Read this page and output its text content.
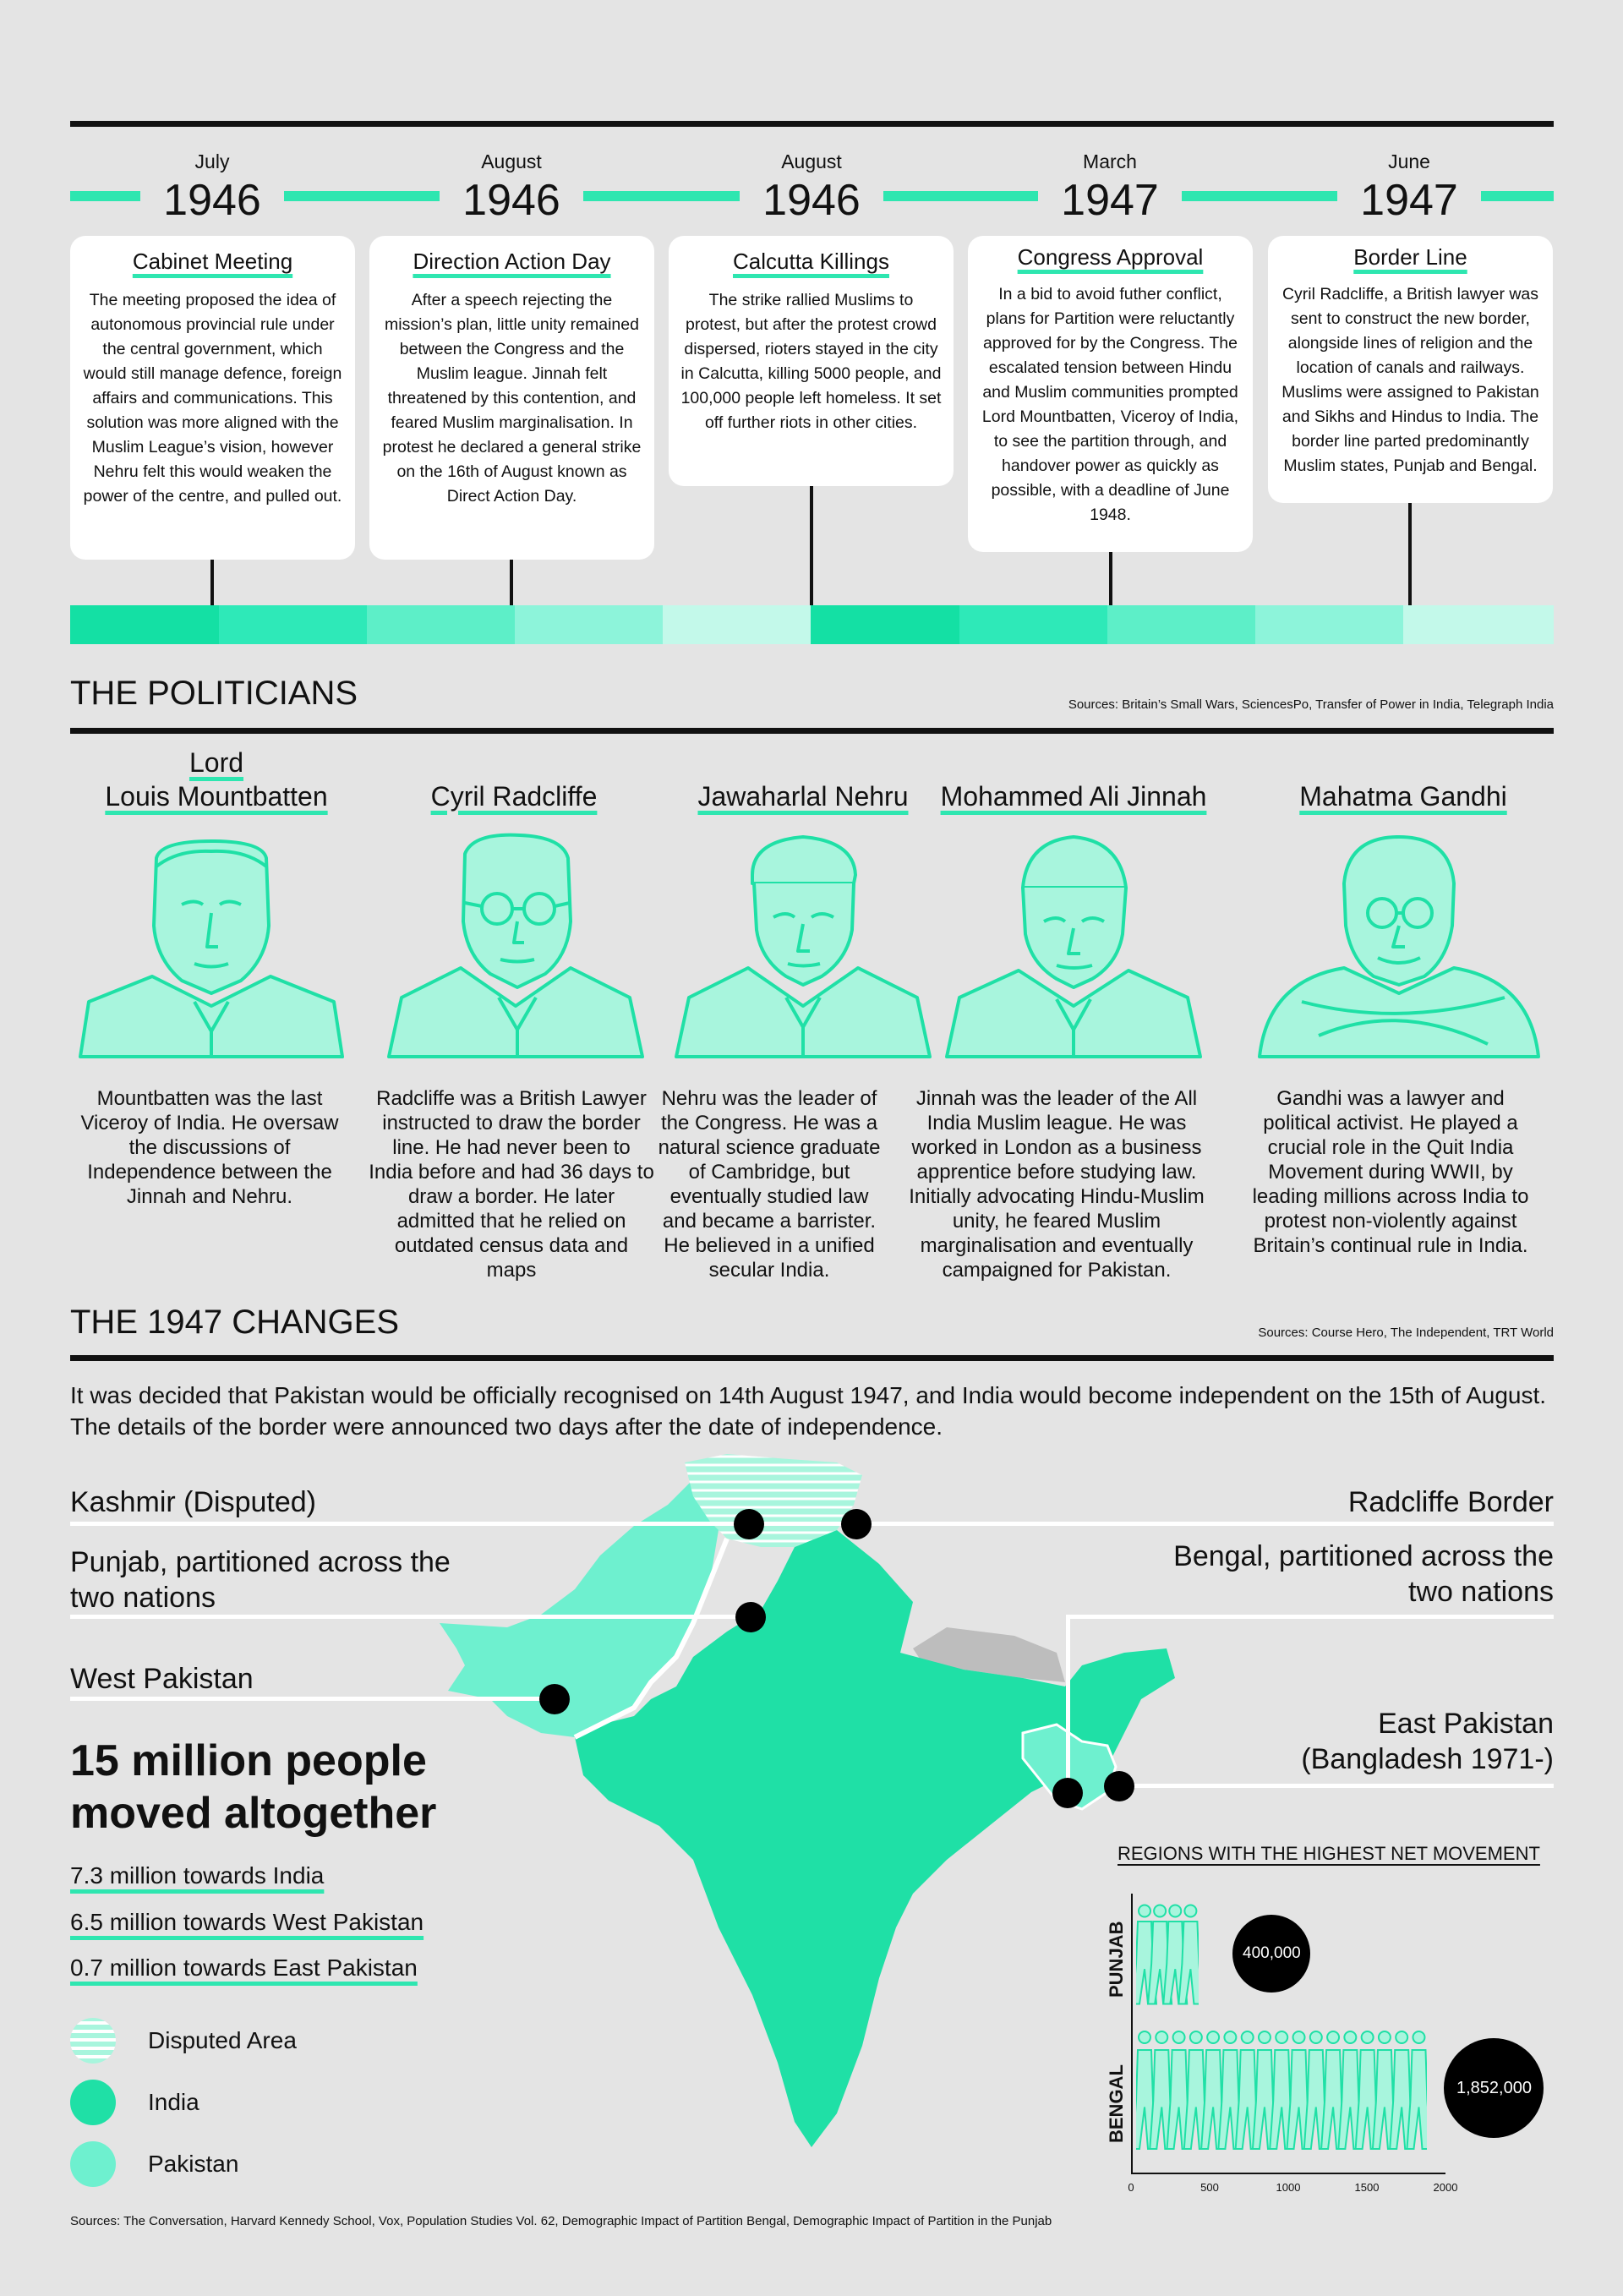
July
1946
Cabinet Meeting

The meeting proposed the idea of autonomous provincial rule under the central government, which would still manage defence, foreign affairs and communications. This solution was more aligned with the Muslim League’s vision, however Nehru felt this would weaken the power of the centre, and pulled out.

August
1946
Direction Action Day

After a speech rejecting the mission’s plan, little unity remained between the Congress and the Muslim league. Jinnah felt threatened by this contention, and feared Muslim marginalisation. In protest he declared a general strike on the 16th of August known as Direct Action Day.

August
1946
Calcutta Killings

The strike rallied Muslims to protest, but after the protest crowd dispersed, rioters stayed in the city in Calcutta, killing 5000 people, and 100,000 people left homeless. It set off further riots in other cities.

March
1947
Congress Approval

In a bid to avoid futher conflict, plans for Partition were reluctantly approved for by the Congress. The escalated tension between Hindu and Muslim communities prompted Lord Mountbatten, Viceroy of India, to see the partition through, and handover power as quickly as possible, with a deadline of June 1948.

June
1947
Border Line

Cyril Radcliffe, a British lawyer was sent to construct the new border, alongside lines of religion and the location of canals and railways. Muslims were assigned to Pakistan and Sikhs and Hindus to India. The border line parted predominantly Muslim states, Punjab and Bengal.

THE POLITICIANS	Sources: Britain’s Small Wars, SciencesPo, Transfer of Power in India, Telegraph India
Lord
Louis Mountbatten	Cyril Radcliffe	Jawaharlal Nehru	Mohammed Ali Jinnah	Mahatma Gandhi
Mountbatten was the last Viceroy of India. He oversaw the discussions of Independence between the Jinnah and Nehru.
Radcliffe was a British Lawyer instructed to draw the border line. He had never been to India before and had 36 days to draw a border. He later admitted that he relied on outdated census data and maps
Nehru was the leader of the Congress. He was a natural science graduate of Cambridge, but eventually studied law and became a barrister. He believed in a unified secular India.
Jinnah was the leader of the All India Muslim league. He was worked in London as a business apprentice before studying law. Initially advocating Hindu-Muslim unity, he feared Muslim marginalisation and eventually campaigned for Pakistan.
Gandhi was a lawyer and political activist. He played a crucial role in the Quit India Movement during WWII, by leading millions across India to protest non-violently against Britain’s continual rule in India.
THE 1947 CHANGES	Sources: Course Hero, The Independent, TRT World
It was decided that Pakistan would be officially recognised on 14th August 1947, and India would become independent on the 15th of August. The details of the border were announced two days after the date of independence.
Kashmir (Disputed)	Radcliffe Border
Punjab, partitioned across the two nations
Bengal, partitioned across the two nations
West Pakistan
East Pakistan
(Bangladesh 1971-)
15 million people moved altogether
7.3 million towards India
6.5 million towards West Pakistan
0.7 million towards East Pakistan
Disputed Area
India
Pakistan
REGIONS WITH THE HIGHEST NET MOVEMENT
0	500	1000	1500	2000
PUNJAB	400,000
BENGAL	1,852,000
Sources: The Conversation, Harvard Kennedy School, Vox, Population Studies Vol. 62, Demographic Impact of Partition Bengal, Demographic Impact of Partition in the Punjab
